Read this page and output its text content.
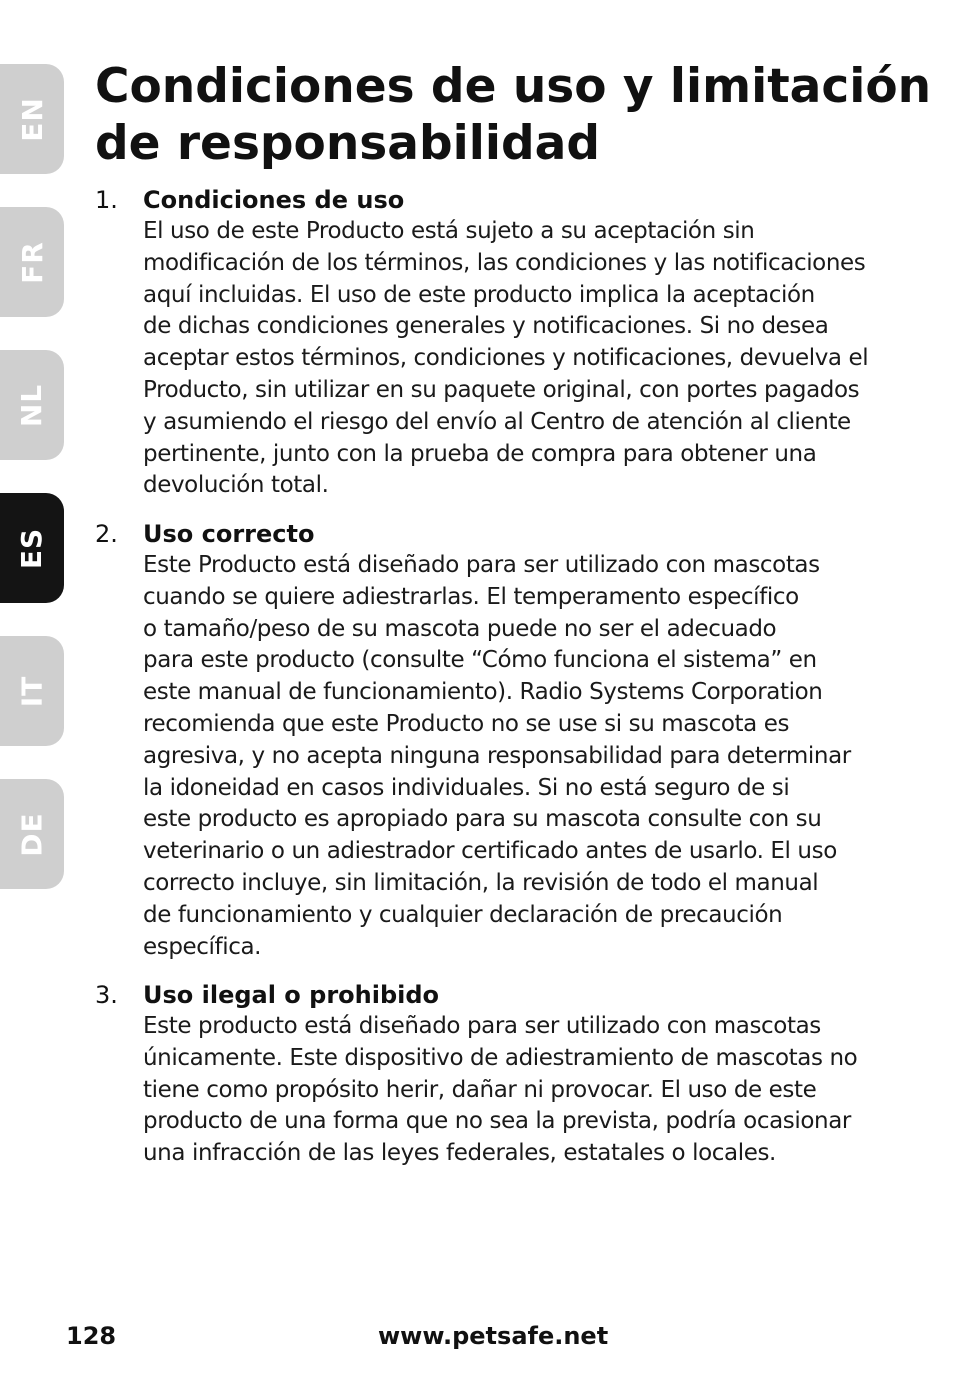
EN
FR
NL
ES
IT
DE
Condiciones de uso y limitación
de responsabilidad
1. Condiciones de uso

El uso de este Producto está sujeto a su aceptación sin
modificación de los términos, las condiciones y las notificaciones
aquí incluidas. El uso de este producto implica la aceptación
de dichas condiciones generales y notificaciones. Si no desea
aceptar estos términos, condiciones y notificaciones, devuelva el
Producto, sin utilizar en su paquete original, con portes pagados
y asumiendo el riesgo del envío al Centro de atención al cliente
pertinente, junto con la prueba de compra para obtener una
devolución total.

2. Uso correcto

Este Producto está diseñado para ser utilizado con mascotas
cuando se quiere adiestrarlas. El temperamento específico
o tamaño/peso de su mascota puede no ser el adecuado
para este producto (consulte “Cómo funciona el sistema” en
este manual de funcionamiento). Radio Systems Corporation
recomienda que este Producto no se use si su mascota es
agresiva, y no acepta ninguna responsabilidad para determinar
la idoneidad en casos individuales. Si no está seguro de si
este producto es apropiado para su mascota consulte con su
veterinario o un adiestrador certificado antes de usarlo. El uso
correcto incluye, sin limitación, la revisión de todo el manual
de funcionamiento y cualquier declaración de precaución
específica.

3. Uso ilegal o prohibido

Este producto está diseñado para ser utilizado con mascotas
únicamente. Este dispositivo de adiestramiento de mascotas no
tiene como propósito herir, dañar ni provocar. El uso de este
producto de una forma que no sea la prevista, podría ocasionar
una infracción de las leyes federales, estatales o locales.

128	www.petsafe.net
